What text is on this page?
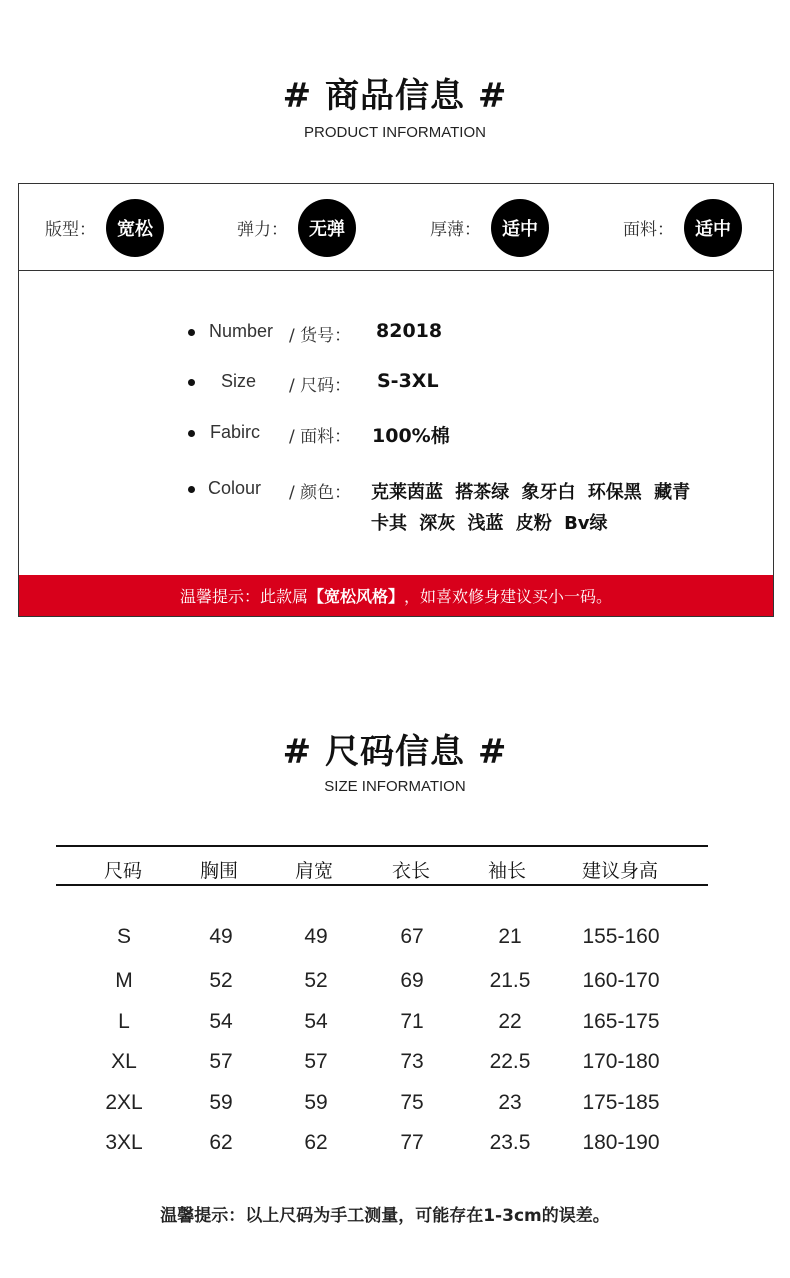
# 商品信息 #
PRODUCT INFORMATION
版型：	宽松	弹力：	无弹	厚薄：	适中	面料：	适中
Number / 货号： 82018
Size / 尺码： S-3XL
Fabirc / 面料： 100%棉
Colour / 颜色： 克莱茵蓝 搭茶绿 象牙白 环保黑 藏青
卡其 深灰 浅蓝 皮粉 Bv绿
温馨提示：此款属 【宽松风格】 ，如喜欢修身建议买小一码。
# 尺码信息 #
SIZE INFORMATION
尺码	胸围	肩宽	衣长	袖长	建议身高
S	49	49	67	21	155-160
M	52	52	69	21.5	160-170
L	54	54	71	22	165-175
XL	57	57	73	22.5	170-180
2XL	59	59	75	23	175-185
3XL	62	62	77	23.5	180-190
温馨提示：以上尺码为手工测量，可能存在1-3cm的误差。
